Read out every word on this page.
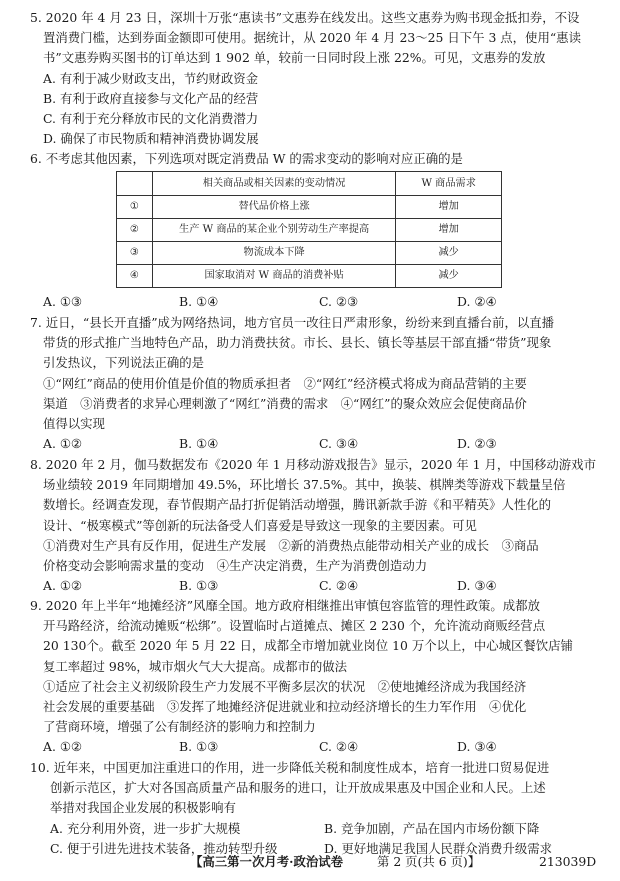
5. 2020 年 4 月 23 日，深圳十万张“惠读书”文惠券在线发出。这些文惠券为购书现金抵扣券，不设
置消费门槛，达到券面金额即可使用。据统计，从 2020 年 4 月 23～25 日下午 3 点，使用“惠读
书”文惠券购买图书的订单达到 1 902 单，较前一日同时段上涨 22%。可见，文惠券的发放
A. 有利于减少财政支出，节约财政资金
B. 有利于政府直接参与文化产品的经营
C. 有利于充分释放市民的文化消费潜力
D. 确保了市民物质和精神消费协调发展
6. 不考虑其他因素，下列选项对既定消费品 W 的需求变动的影响对应正确的是
	相关商品或相关因素的变动情况	W 商品需求
①	替代品价格上涨	增加
②	生产 W 商品的某企业个别劳动生产率提高	增加
③	物流成本下降	减少
④	国家取消对 W 商品的消费补贴	减少
A. ①③	B. ①④	C. ②③	D. ②④
7. 近日，“县长开直播”成为网络热词，地方官员一改往日严肃形象，纷纷来到直播台前，以直播
带货的形式推广当地特色产品，助力消费扶贫。市长、县长、镇长等基层干部直播“带货”现象
引发热议，下列说法正确的是
①“网红”商品的使用价值是价值的物质承担者　②“网红”经济模式将成为商品营销的主要
渠道　③消费者的求异心理刺激了“网红”消费的需求　④“网红”的聚众效应会促使商品价
值得以实现
A. ①②	B. ①④	C. ③④	D. ②③
8. 2020 年 2 月，伽马数据发布《2020 年 1 月移动游戏报告》显示，2020 年 1 月，中国移动游戏市
场业绩较 2019 年同期增加 49.5%，环比增长 37.5%。其中，换装、棋牌类等游戏下载量呈倍
数增长。经调查发现，春节假期产品打折促销活动增强，腾讯新款手游《和平精英》人性化的
设计、“极寒模式”等创新的玩法备受人们喜爱是导致这一现象的主要因素。可见
①消费对生产具有反作用，促进生产发展　②新的消费热点能带动相关产业的成长　③商品
价格变动会影响需求量的变动　④生产决定消费，生产为消费创造动力
A. ①②	B. ①③	C. ②④	D. ③④
9. 2020 年上半年“地摊经济”风靡全国。地方政府相继推出审慎包容监管的理性政策。成都放
开马路经济，给流动摊贩“松绑”。设置临时占道摊点、摊区 2 230 个，允许流动商贩经营点
20 130个。截至 2020 年 5 月 22 日，成都全市增加就业岗位 10 万个以上，中心城区餐饮店铺
复工率超过 98%，城市烟火气大大提高。成都市的做法
①适应了社会主义初级阶段生产力发展不平衡多层次的状况　②使地摊经济成为我国经济
社会发展的重要基础　③发挥了地摊经济促进就业和拉动经济增长的生力军作用　④优化
了营商环境，增强了公有制经济的影响力和控制力
A. ①②	B. ①③	C. ②④	D. ③④
10. 近年来，中国更加注重进口的作用，进一步降低关税和制度性成本，培育一批进口贸易促进
创新示范区，扩大对各国高质量产品和服务的进口，让开放成果惠及中国企业和人民。上述
举措对我国企业发展的积极影响有
A. 充分利用外资，进一步扩大规模	B. 竞争加剧，产品在国内市场份额下降
C. 便于引进先进技术装备，推动转型升级	D. 更好地满足我国人民群众消费升级需求
【高三第一次月考·政治试卷	第 2 页(共 6 页)】	213039D
